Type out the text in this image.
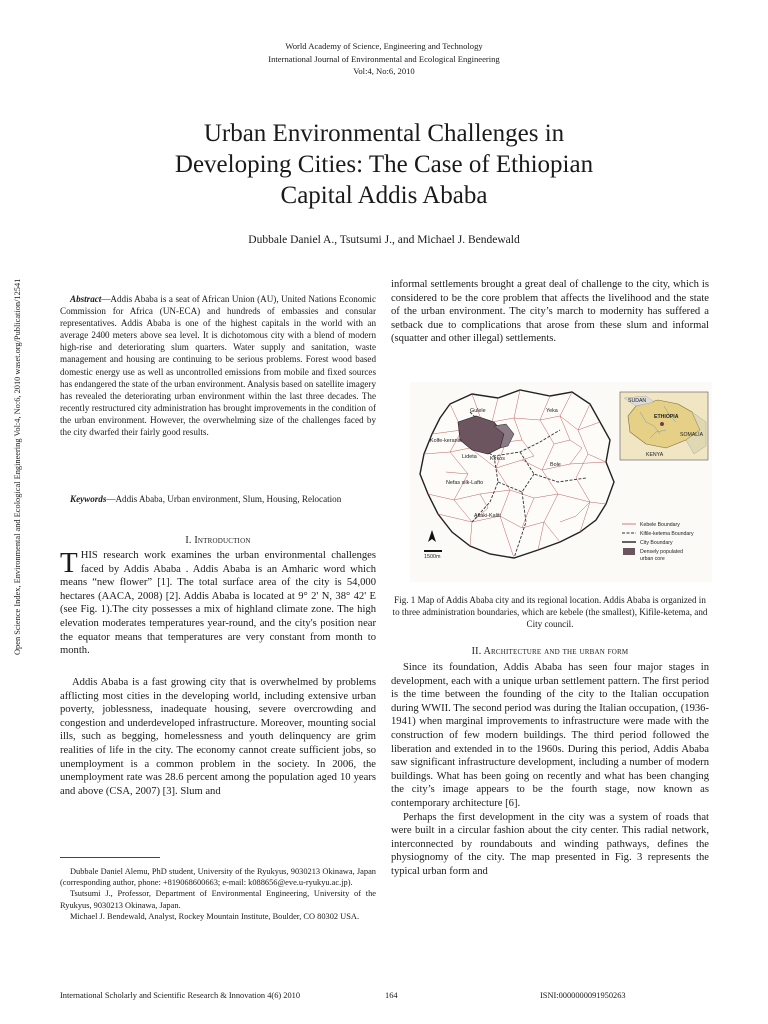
World Academy of Science, Engineering and Technology
International Journal of Environmental and Ecological Engineering
Vol:4, No:6, 2010
Urban Environmental Challenges in
Developing Cities: The Case of Ethiopian
Capital Addis Ababa
Dubbale Daniel A., Tsutsumi J., and Michael J. Bendewald
Open Science Index, Environmental and Ecological Engineering Vol:4, No:6, 2010 waset.org/Publication/12541	Abstract—Addis Ababa is a seat of African Union (AU), United Nations Economic Commission for Africa (UN-ECA) and hundreds of embassies and consular representatives. Addis Ababa is one of the highest capitals in the world with an average 2400 meters above sea level. It is dichotomous city with a blend of modern high-rise and deteriorating slum quarters. Water supply and sanitation, waste management and housing are continuing to be serious problems. Forest wood based domestic energy use as well as uncontrolled emissions from mobile and fixed sources has endangered the state of the urban environment. Analysis based on satellite imagery has revealed the deteriorating urban environment within the last three decades. The recently restructured city administration has brought improvements in the condition of the urban environment. However, the overwhelming size of the challenges faced by the city dwarfed their fairly good results.
Keywords—Addis Ababa, Urban environment, Slum, Housing, Relocation
I. Introduction
THIS research work examines the urban environmental challenges faced by Addis Ababa . Addis Ababa is an Amharic word which means “new flower” [1]. The total surface area of the city is 54,000 hectares (AACA, 2008) [2]. Addis Ababa is located at 9° 2' N, 38° 42' E (see Fig. 1).The city possesses a mix of highland climate zone. The high elevation moderates temperatures year-round, and the city's position near the equator means that temperatures are very constant from month to month.
Addis Ababa is a fast growing city that is overwhelmed by problems afflicting most cities in the developing world, including extensive urban poverty, joblessness, inadequate housing, severe overcrowding and congestion and underdeveloped infrastructure. Moreover, mounting social ills, such as begging, homelessness and youth delinquency are grim realities of life in the city. The economy cannot create sufficient jobs, so unemployment is a common problem in the society. In 2006, the unemployment rate was 28.6 percent among the population aged 10 years and above (CSA, 2007) [3]. Slum and

Dubbale Daniel Alemu, PhD student, University of the Ryukyus, 9030213 Okinawa, Japan (corresponding author, phone: +819068600663; e-mail: k088656@eve.u-ryukyu.ac.jp).

Tsutsumi J., Professor, Department of Environmental Engineering, University of the Ryukyus, 9030213 Okinawa, Japan.

Michael J. Bendewald, Analyst, Rockey Mountain Institute, Boulder, CO 80302 USA.

informal settlements brought a great deal of challenge to the city, which is considered to be the core problem that affects the livelihood and the state of the urban environment. The city’s march to modernity has suffered a setback due to complications that arose from these slum and informal (squatter and other illegal) settlements.
Gulele	Yeka
Kolfe-keranio
Lideta Kirkos
Bole
Nefas silk-Lafto
Akaki-Kaliti
1500m
SUDAN
ETHIOPIA
SOMALIA
KENYA
Kebele Boundary
Kifile-ketema Boundary
City Boundary
Densely populated
urban core
Fig. 1 Map of Addis Ababa city and its regional location. Addis Ababa is organized in to three administration boundaries, which are kebele (the smallest), Kifile-ketema, and City council.
II. Architecture and the urban form
Since its foundation, Addis Ababa has seen four major stages in development, each with a unique urban settlement pattern. The first period is the time between the founding of the city to the Italian occupation during WWII. The second period was during the Italian occupation, (1936-1941) when marginal improvements to infrastructure were made with the construction of few modern buildings. The third period followed the liberation and extended in to the 1960s. During this period, Addis Ababa saw significant infrastructure development, including a number of modern buildings. What has been going on recently and what has been changing the city’s image appears to be the fourth stage, now known as contemporary architecture [6].
Perhaps the first development in the city was a system of roads that were built in a circular fashion about the city center. This radial network, interconnected by roundabouts and winding pathways, defines the physiognomy of the city. The map presented in Fig. 3 represents the typical urban form and
International Scholarly and Scientific Research & Innovation 4(6) 2010	164	ISNI:0000000091950263
